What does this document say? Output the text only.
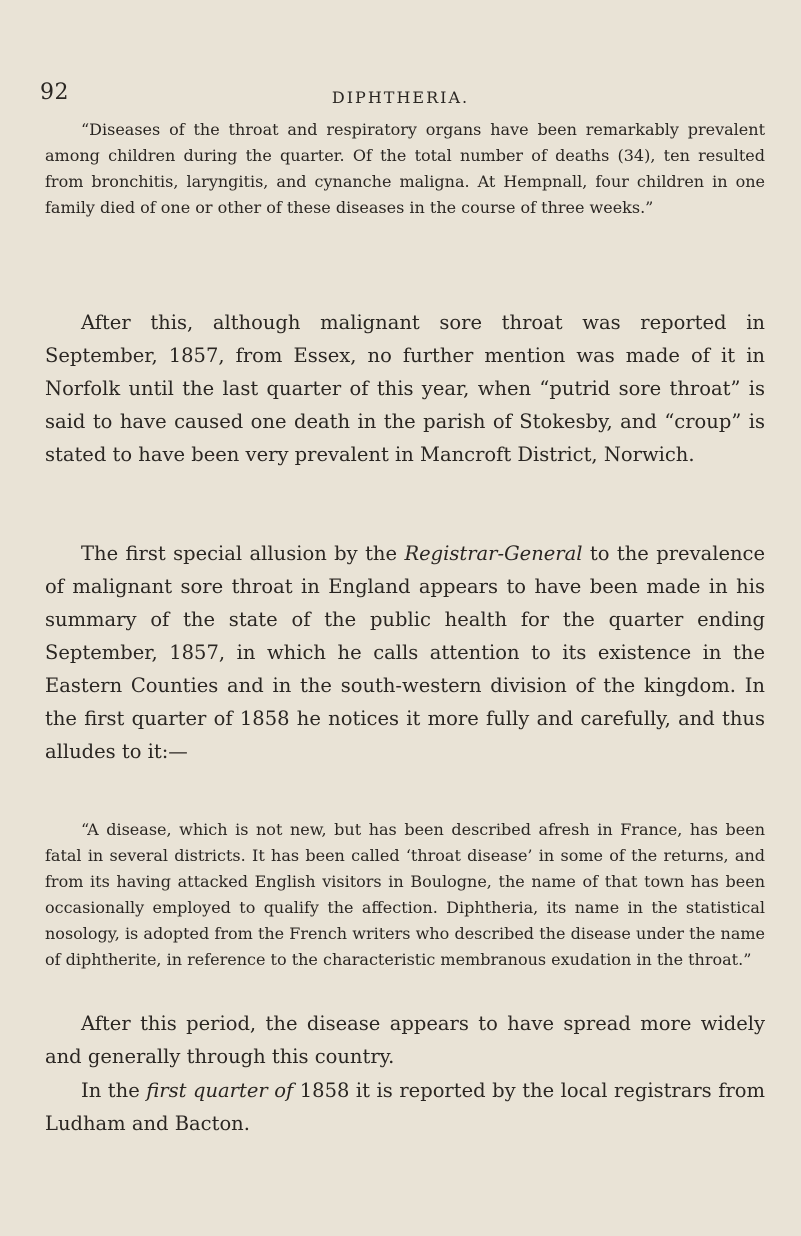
92	DIPHTHERIA.

“Diseases of the throat and respiratory organs have been remarkably prevalent among children during the quarter. Of the total number of deaths (34), ten resulted from bronchitis, laryngitis, and cynanche maligna. At Hempnall, four children in one family died of one or other of these diseases in the course of three weeks.”

After this, although malignant sore throat was reported in September, 1857, from Essex, no further mention was made of it in Norfolk until the last quarter of this year, when “putrid sore throat” is said to have caused one death in the parish of Stokesby, and “croup” is stated to have been very prevalent in Mancroft District, Norwich.

The first special allusion by the Registrar-General to the prevalence of malignant sore throat in England appears to have been made in his summary of the state of the public health for the quarter ending September, 1857, in which he calls attention to its existence in the Eastern Counties and in the south-western division of the kingdom. In the first quarter of 1858 he notices it more fully and carefully, and thus alludes to it:—

“A disease, which is not new, but has been described afresh in France, has been fatal in several districts. It has been called ‘throat disease’ in some of the returns, and from its having attacked English visitors in Boulogne, the name of that town has been occasionally employed to qualify the affection. Diphtheria, its name in the statistical nosology, is adopted from the French writers who described the disease under the name of diphtherite, in reference to the characteristic membranous exudation in the throat.”

After this period, the disease appears to have spread more widely and generally through this country.

In the first quarter of 1858 it is reported by the local registrars from Ludham and Bacton.
